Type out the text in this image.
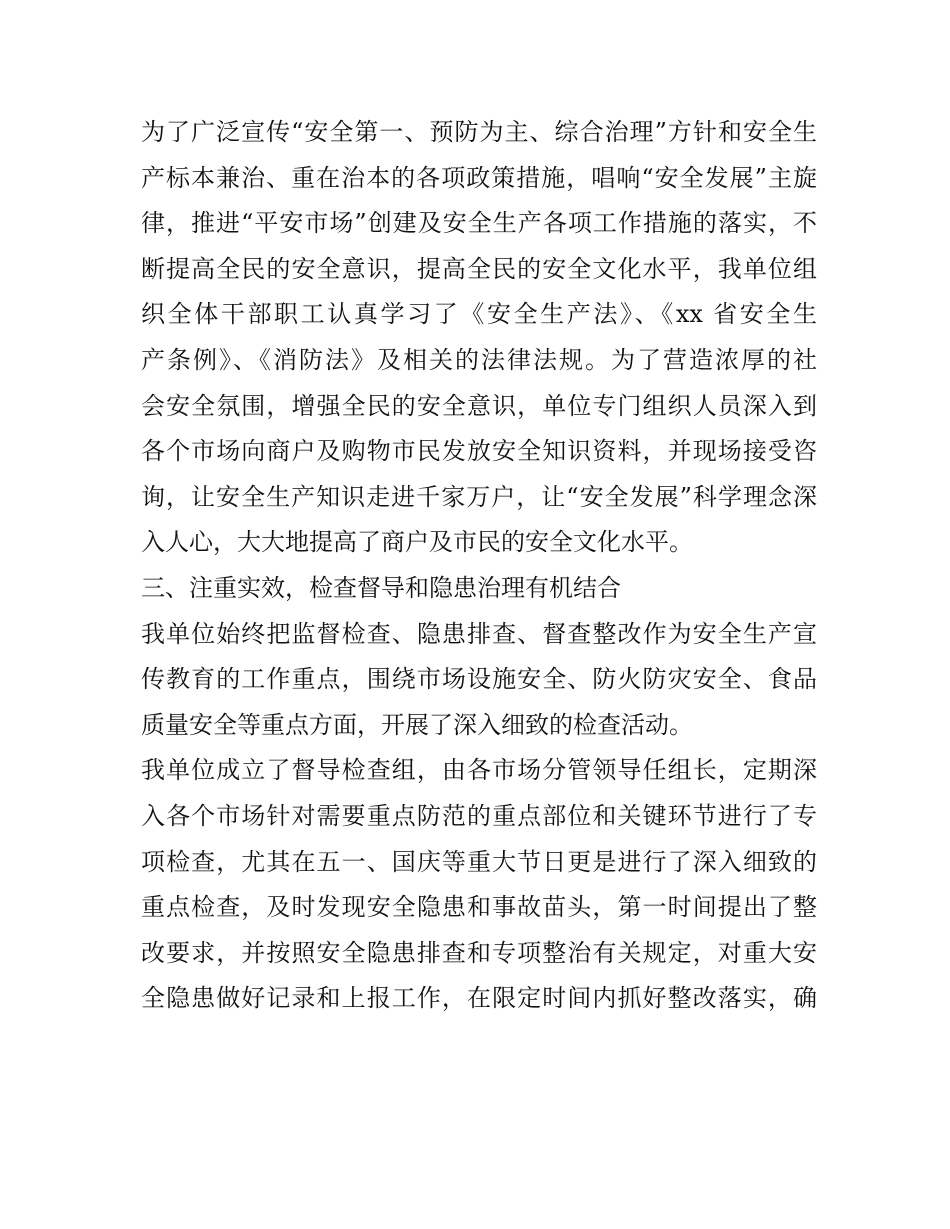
为了广泛宣传“安全第一、预防为主、综合治理”方针和安全生
产标本兼治、重在治本的各项政策措施，唱响“安全发展”主旋
律，推进“平安市场”创建及安全生产各项工作措施的落实，不
断提高全民的安全意识，提高全民的安全文化水平，我单位组
织全体干部职工认真学习了《安全生产法》、《xx 省安全生
产条例》、《消防法》及相关的法律法规。为了营造浓厚的社
会安全氛围，增强全民的安全意识，单位专门组织人员深入到
各个市场向商户及购物市民发放安全知识资料，并现场接受咨
询，让安全生产知识走进千家万户，让“安全发展”科学理念深
入人心，大大地提高了商户及市民的安全文化水平。
三、注重实效，检查督导和隐患治理有机结合
我单位始终把监督检查、隐患排查、督查整改作为安全生产宣
传教育的工作重点，围绕市场设施安全、防火防灾安全、食品
质量安全等重点方面，开展了深入细致的检查活动。
我单位成立了督导检查组，由各市场分管领导任组长，定期深
入各个市场针对需要重点防范的重点部位和关键环节进行了专
项检查，尤其在五一、国庆等重大节日更是进行了深入细致的
重点检查，及时发现安全隐患和事故苗头，第一时间提出了整
改要求，并按照安全隐患排查和专项整治有关规定，对重大安
全隐患做好记录和上报工作，在限定时间内抓好整改落实，确
